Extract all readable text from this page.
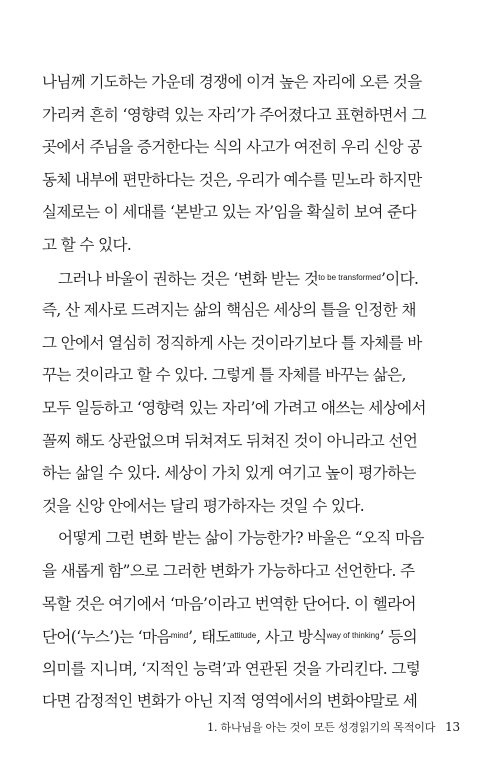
나님께 기도하는 가운데 경쟁에 이겨 높은 자리에 오른 것을
가리켜 흔히 ‘영향력 있는 자리’가 주어졌다고 표현하면서 그
곳에서 주님을 증거한다는 식의 사고가 여전히 우리 신앙 공
동체 내부에 편만하다는 것은, 우리가 예수를 믿노라 하지만
실제로는 이 세대를 ‘본받고 있는 자’임을 확실히 보여 준다
고 할 수 있다.
그러나 바울이 권하는 것은 ‘변화 받는 것$^{to be transformed}$’이다.
즉, 산 제사로 드려지는 삶의 핵심은 세상의 틀을 인정한 채
그 안에서 열심히 정직하게 사는 것이라기보다 틀 자체를 바
꾸는 것이라고 할 수 있다. 그렇게 틀 자체를 바꾸는 삶은,
모두 일등하고 ‘영향력 있는 자리’에 가려고 애쓰는 세상에서
꼴찌 해도 상관없으며 뒤쳐져도 뒤쳐진 것이 아니라고 선언
하는 삶일 수 있다. 세상이 가치 있게 여기고 높이 평가하는
것을 신앙 안에서는 달리 평가하자는 것일 수 있다.
어떻게 그런 변화 받는 삶이 가능한가? 바울은 “오직 마음
을 새롭게 함”으로 그러한 변화가 가능하다고 선언한다. 주
목할 것은 여기에서 ‘마음’이라고 번역한 단어다. 이 헬라어
단어(‘누스’)는 ‘마음$^{mind}$’, 태도$^{attitude}$, 사고 방식$^{way of thinking}$’ 등의
의미를 지니며, ‘지적인 능력’과 연관된 것을 가리킨다. 그렇
다면 감정적인 변화가 아닌 지적 영역에서의 변화야말로 세
1. 하나님을 아는 것이 모든 성경읽기의 목적이다 13
